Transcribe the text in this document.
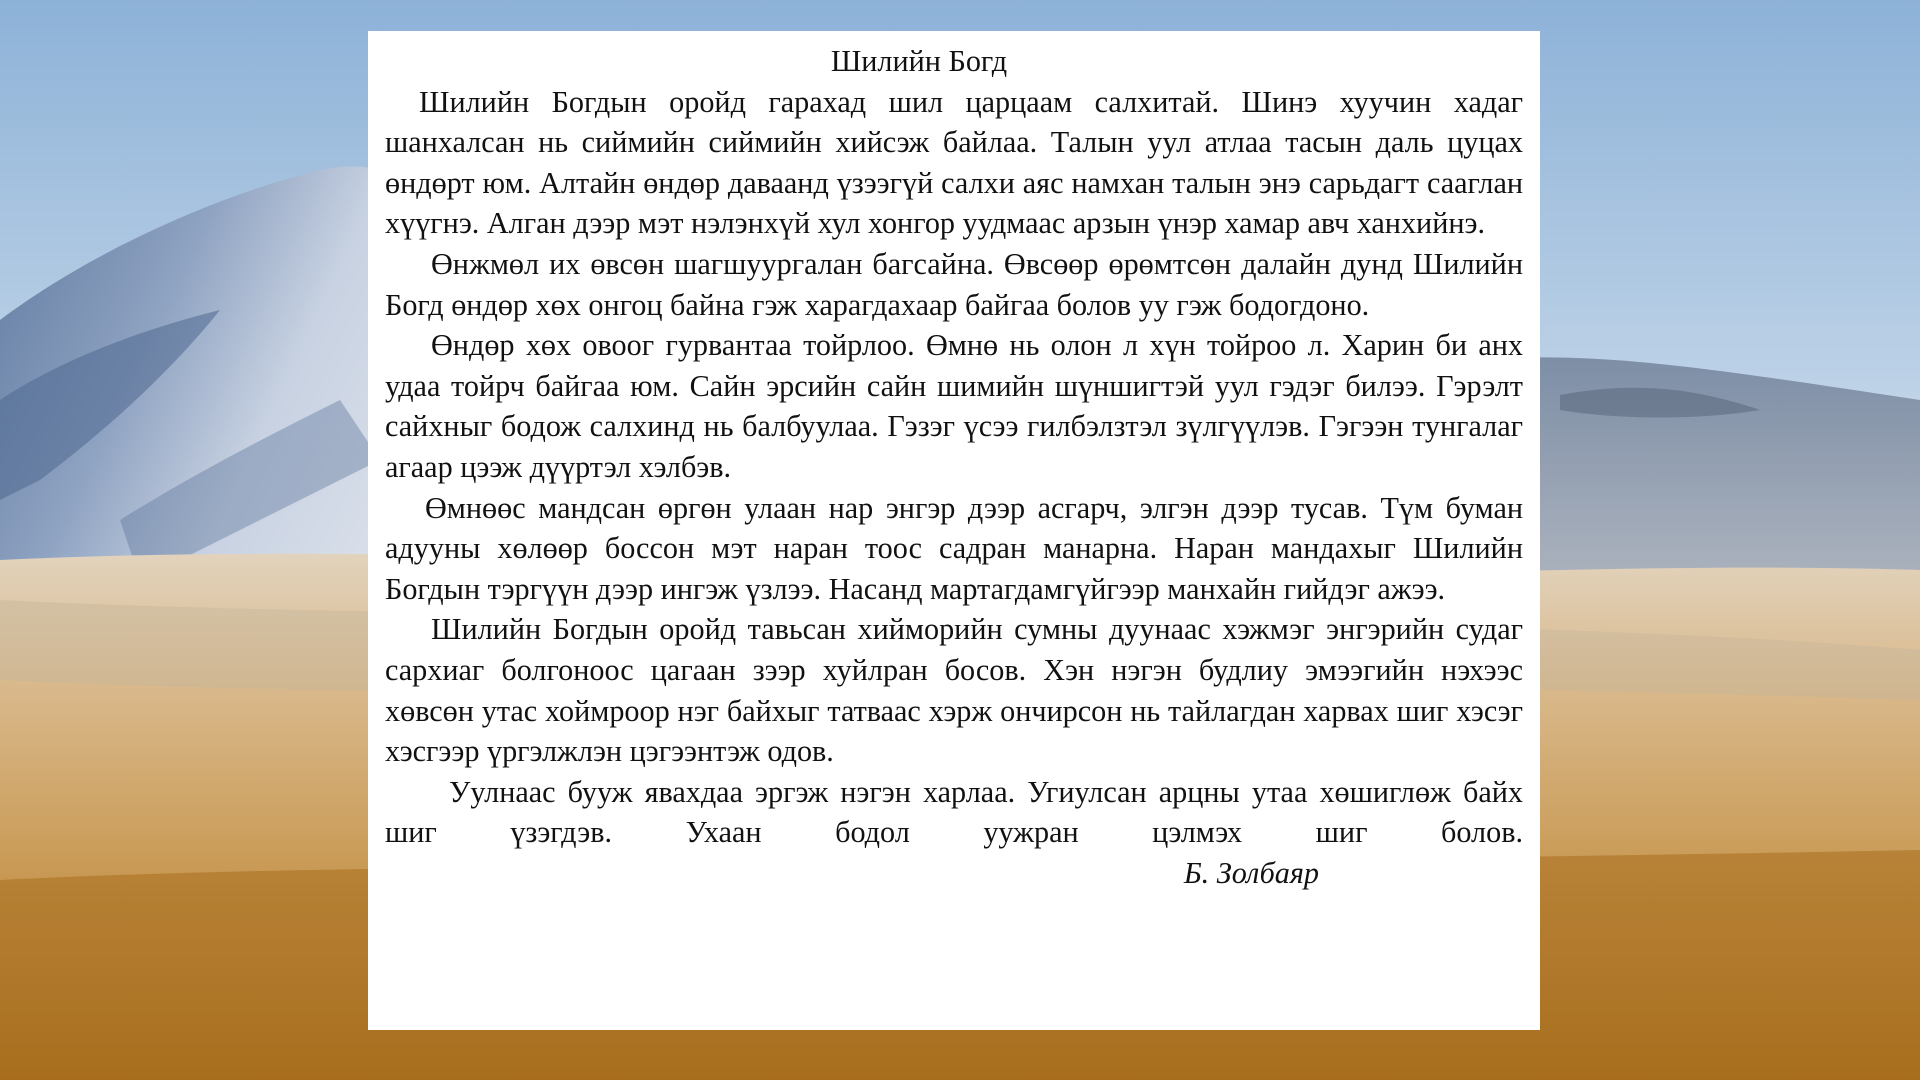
Шилийн Богд

Шилийн Богдын оройд гарахад шил царцаам салхитай. Шинэ хуучин хадаг шанхалсан нь сиймийн сиймийн хийсэж байлаа. Талын уул атлаа тасын даль цуцах өндөрт юм. Алтайн өндөр даваанд үзээгүй салхи аяс намхан талын энэ сарьдагт саaглан хүүгнэ. Алган дээр мэт нэлэнхүй хул хонгор уудмаас арзын үнэр хамар авч ханхийнэ.

Өнжмөл их өвсөн шагшуургалан багсайна. Өвсөөр өрөмтсөн далайн дунд Шилийн Богд өндөр хөх онгоц байна гэж харагдахаар байгаа болов уу гэж бодогдоно.

Өндөр хөх овоог гурвантаа тойрлоо. Өмнө нь олон л хүн тойроо л. Харин би анх удаа тойрч байгаа юм. Сайн эрсийн сайн шимийн шүншигтэй уул гэдэг билээ. Гэрэлт сайхныг бодож салхинд нь балбуулаа. Гэзэг үсээ гилбэлзтэл зүлгүүлэв. Гэгээн тунгалаг агаар цээж дүүртэл хэлбэв.

Өмнөөс мандсан өргөн улаан нар энгэр дээр асгарч, элгэн дээр тусав. Түм буман адууны хөлөөр боссон мэт наран тоос садран манарна. Наран мандахыг Шилийн Богдын тэргүүн дээр ингэж үзлээ. Насанд мартагдамгүйгээр манхайн гийдэг ажээ.

Шилийн Богдын оройд тавьсан хийморийн сумны дуунаас хэжмэг энгэрийн судаг сархиаг болгоноос цагаан зээр хуйлран босов. Хэн нэгэн будлиу эмээгийн нэхээс хөвсөн утас хоймроор нэг байхыг татваас хэрж ончирсон нь тайлагдан харвах шиг хэсэг хэсгээр үргэлжлэн цэгээнтэж одов.

Уулнаас бууж явахдаа эргэж нэгэн харлаа. Угиулсан арцны утаа хөшиглөж байх шиг үзэгдэв. Ухаан бодол уужран цэлмэх шиг болов.

Б. Золбаяр
